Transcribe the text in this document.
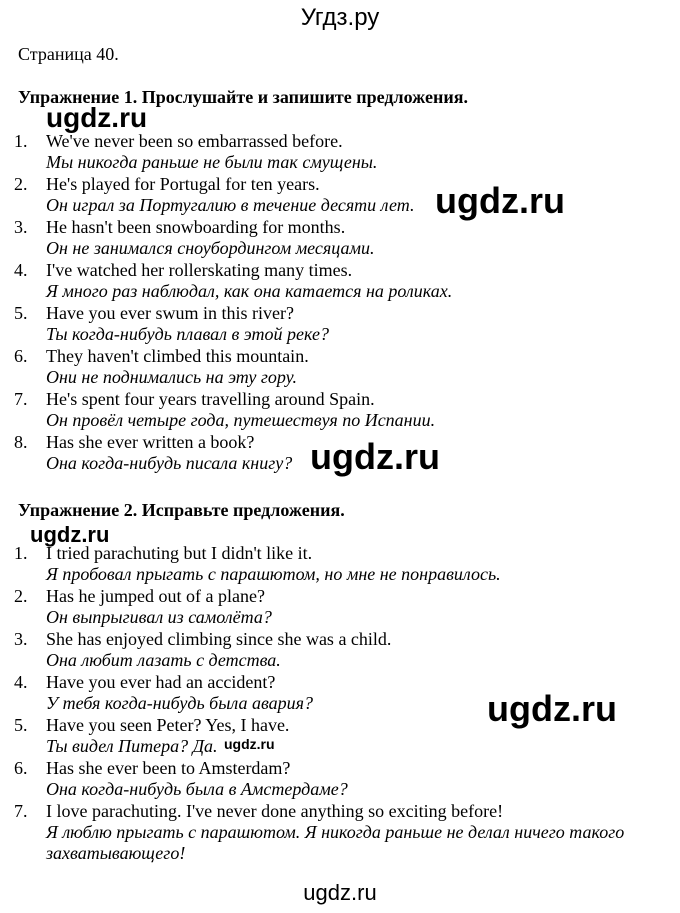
Угдз.ру
Страница 40.
Упражнение 1. Прослушайте и запишите предложения.
1. We've never been so embarrassed before.
Мы никогда раньше не были так смущены.
2. He's played for Portugal for ten years.
Он играл за Португалию в течение десяти лет.
3. He hasn't been snowboarding for months.
Он не занимался сноубордингом месяцами.
4. I've watched her rollerskating many times.
Я много раз наблюдал, как она катается на роликах.
5. Have you ever swum in this river?
Ты когда-нибудь плавал в этой реке?
6. They haven't climbed this mountain.
Они не поднимались на эту гору.
7. He's spent four years travelling around Spain.
Он провёл четыре года, путешествуя по Испании.
8. Has she ever written a book?
Она когда-нибудь писала книгу?
Упражнение 2. Исправьте предложения.
1. I tried parachuting but I didn't like it.
Я пробовал прыгать с парашютом, но мне не понравилось.
2. Has he jumped out of a plane?
Он выпрыгивал из самолёта?
3. She has enjoyed climbing since she was a child.
Она любит лазать с детства.
4. Have you ever had an accident?
У тебя когда-нибудь была авария?
5. Have you seen Peter? Yes, I have.
Ты видел Питера? Да.
6. Has she ever been to Amsterdam?
Она когда-нибудь была в Амстердаме?
7. I love parachuting. I've never done anything so exciting before!
Я люблю прыгать с парашютом. Я никогда раньше не делал ничего такого
захватывающего!
ugdz.ru
ugdz.ru
ugdz.ru
ugdz.ru
ugdz.ru
ugdz.ru
ugdz.ru
